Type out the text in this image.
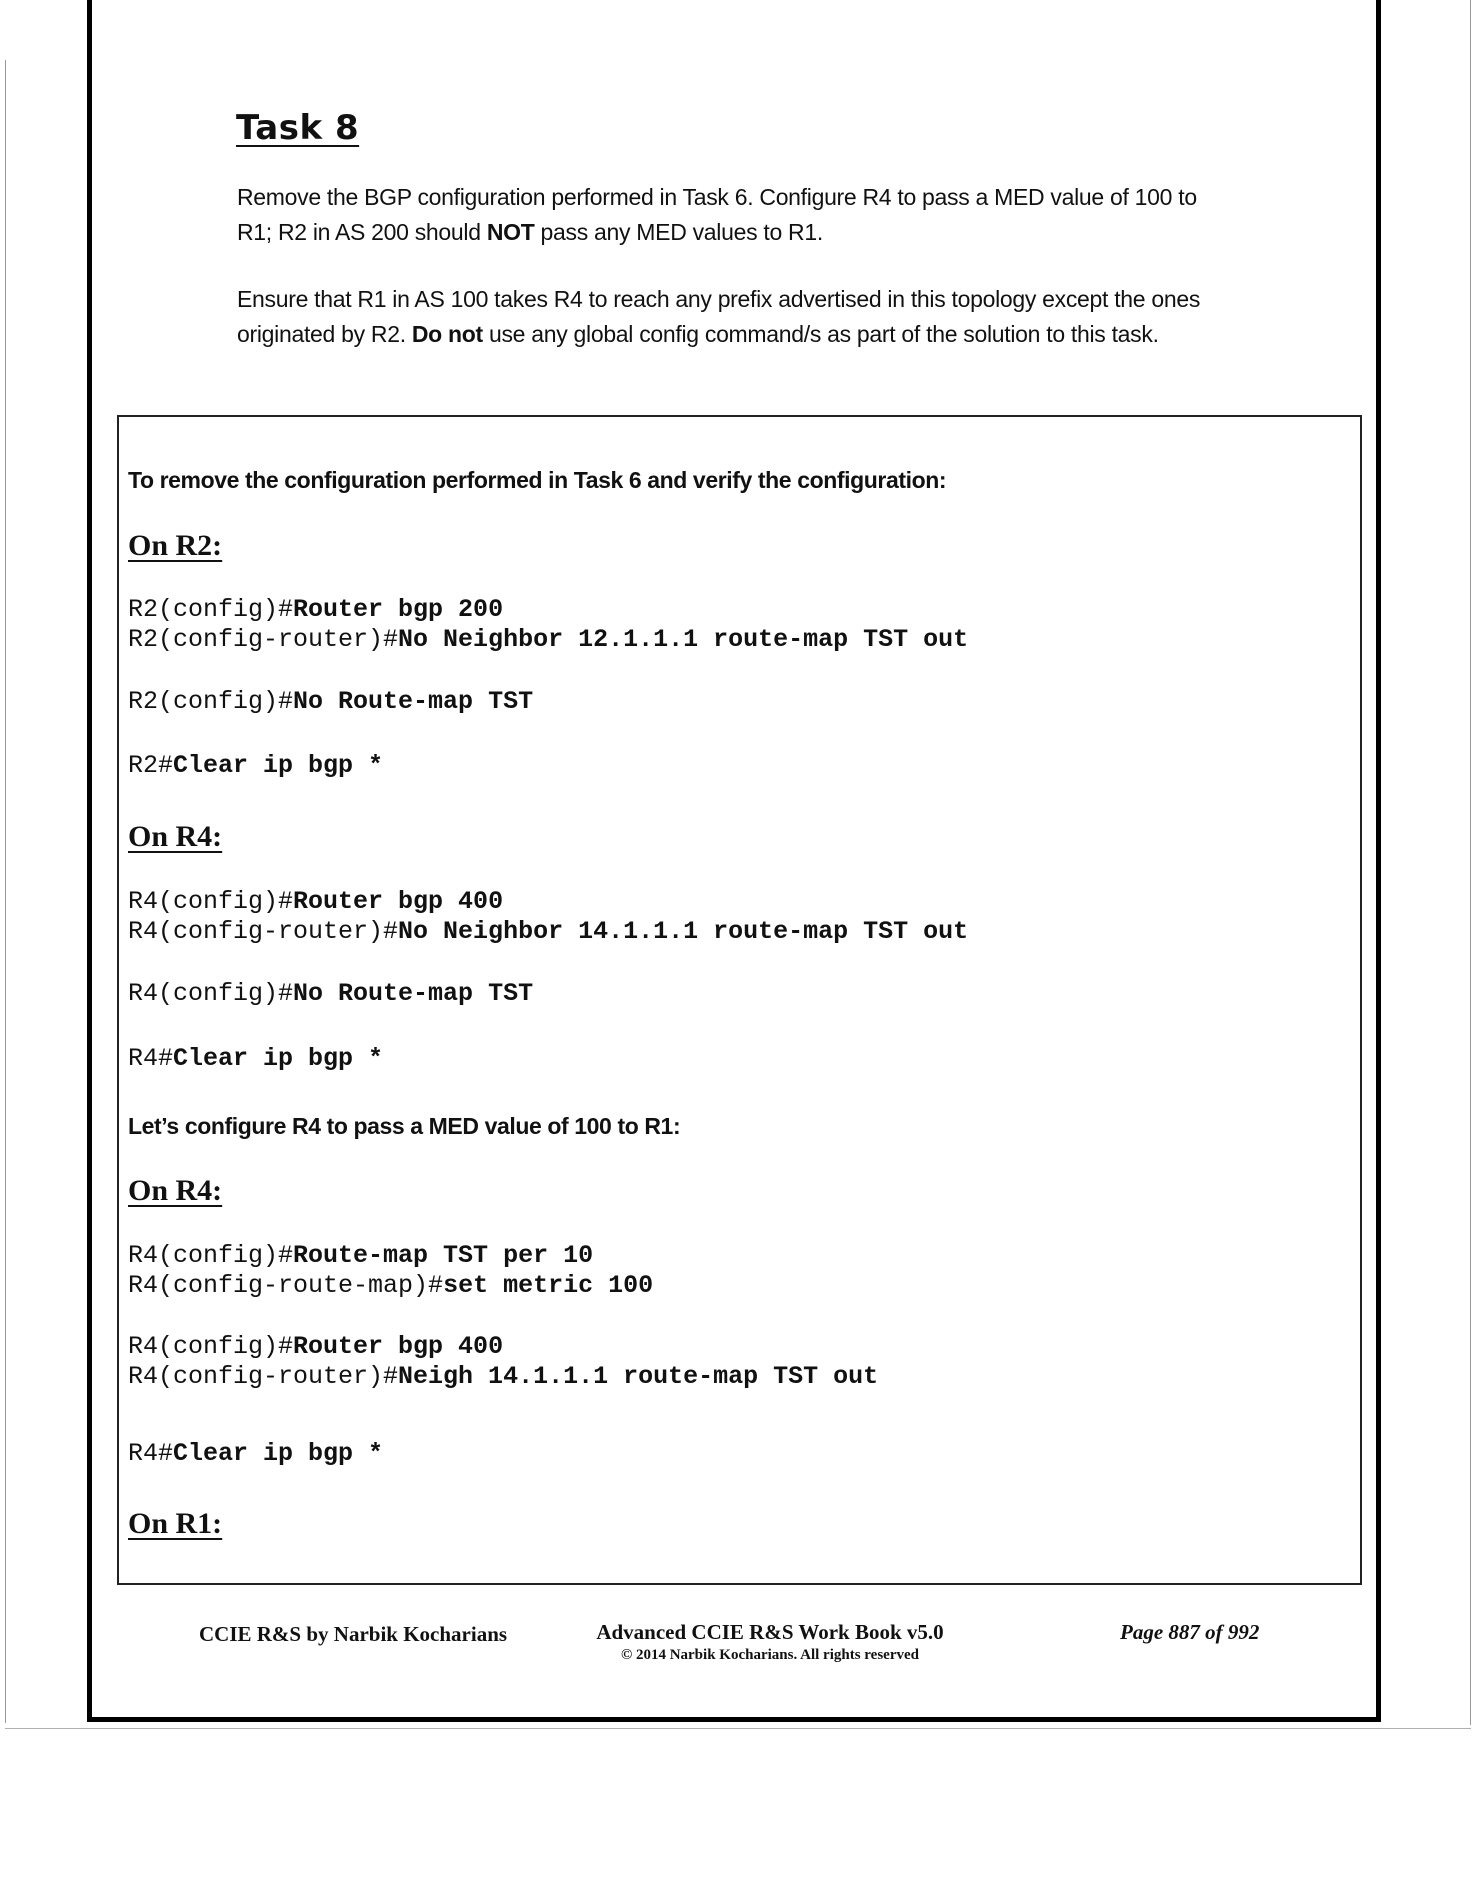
Task 8
Remove the BGP configuration performed in Task 6. Configure R4 to pass a MED value of 100 to R1; R2 in AS 200 should NOT pass any MED values to R1.
Ensure that R1 in AS 100 takes R4 to reach any prefix advertised in this topology except the ones originated by R2. Do not use any global config command/s as part of the solution to this task.
To remove the configuration performed in Task 6 and verify the configuration:
On R2:
R2(config)#Router bgp 200
R2(config-router)#No Neighbor 12.1.1.1 route-map TST out
R2(config)#No Route-map TST
R2#Clear ip bgp *
On R4:
R4(config)#Router bgp 400
R4(config-router)#No Neighbor 14.1.1.1 route-map TST out
R4(config)#No Route-map TST
R4#Clear ip bgp *
Let’s configure R4 to pass a MED value of 100 to R1:
On R4:
R4(config)#Route-map TST per 10
R4(config-route-map)#set metric 100
R4(config)#Router bgp 400
R4(config-router)#Neigh 14.1.1.1 route-map TST out
R4#Clear ip bgp *
On R1:
CCIE R&S by Narbik Kocharians	Advanced CCIE R&S Work Book v5.0
© 2014 Narbik Kocharians. All rights reserved
Page 887 of 992
